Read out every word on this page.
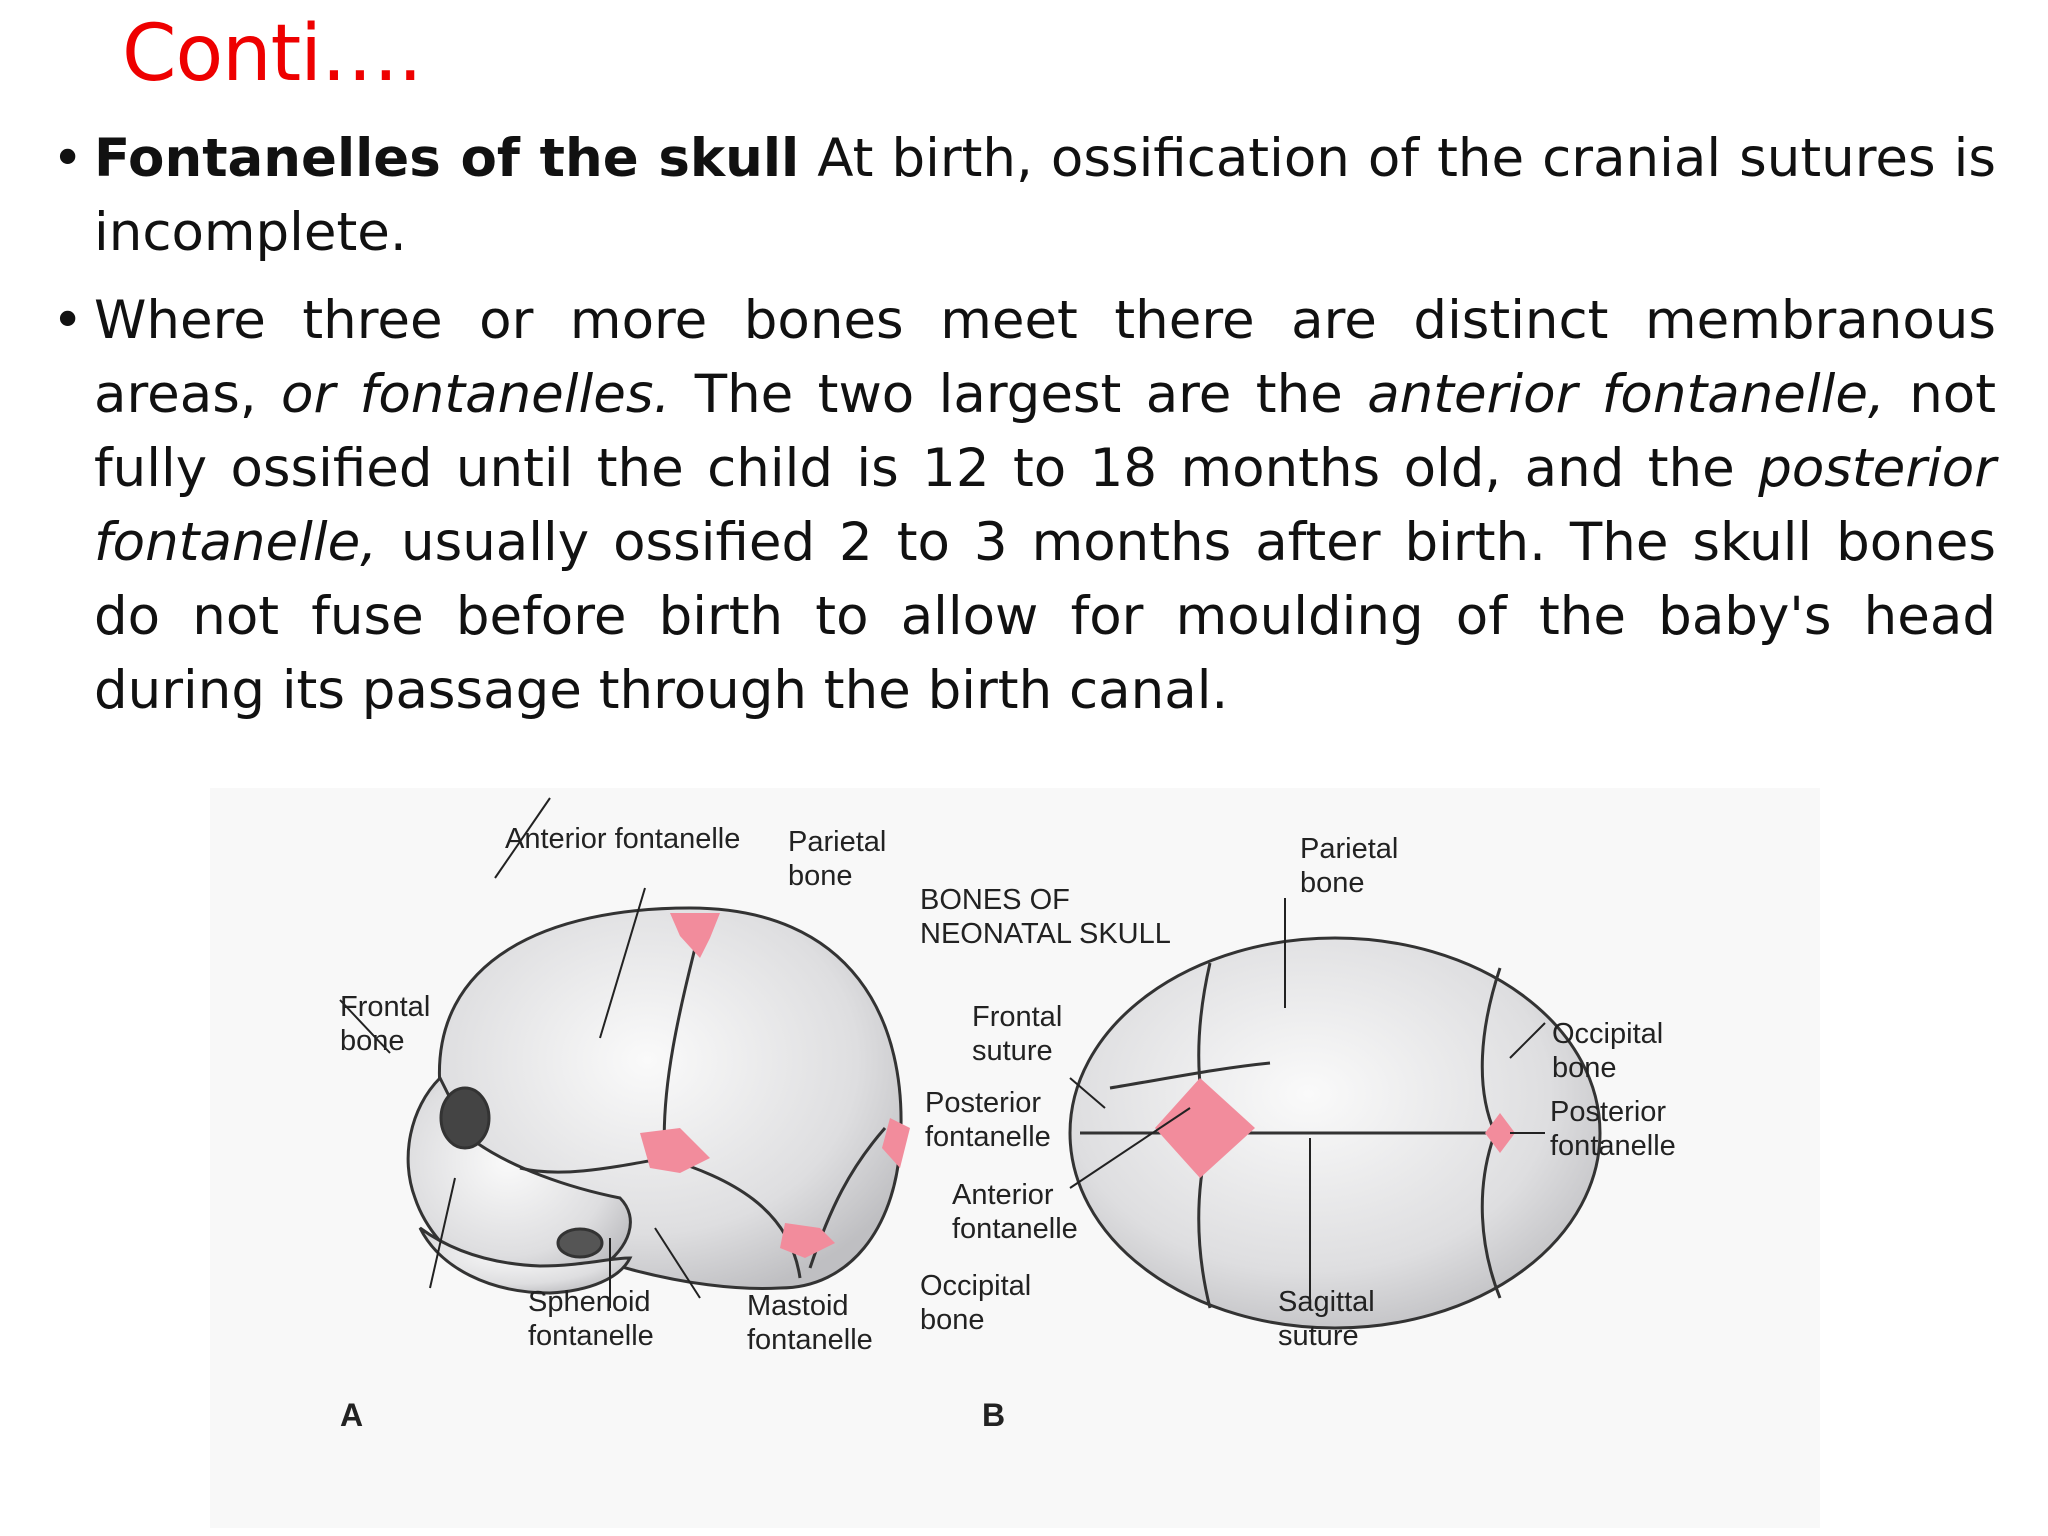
Conti….
• Fontanelles of the skull At birth, ossification of the cranial sutures is incomplete.
• Where three or more bones meet there are distinct membranous areas, or fontanelles. The two largest are the anterior fontanelle, not fully ossified until the child is 12 to 18 months old, and the posterior fontanelle, usually ossified 2 to 3 months after birth. The skull bones do not fuse before birth to allow for moulding of the baby's head during its passage through the birth canal.
Anterior fontanelle Parietal
bone
Frontal
bone
Sphenoid
fontanelle
Mastoid
fontanelle
Occipital
bone
A
BONES OF
NEONATAL SKULL
Parietal
bone
Frontal
suture
Posterior
fontanelle
Anterior
fontanelle
Occipital
bone
Posterior
fontanelle
Sagittal
suture
B
